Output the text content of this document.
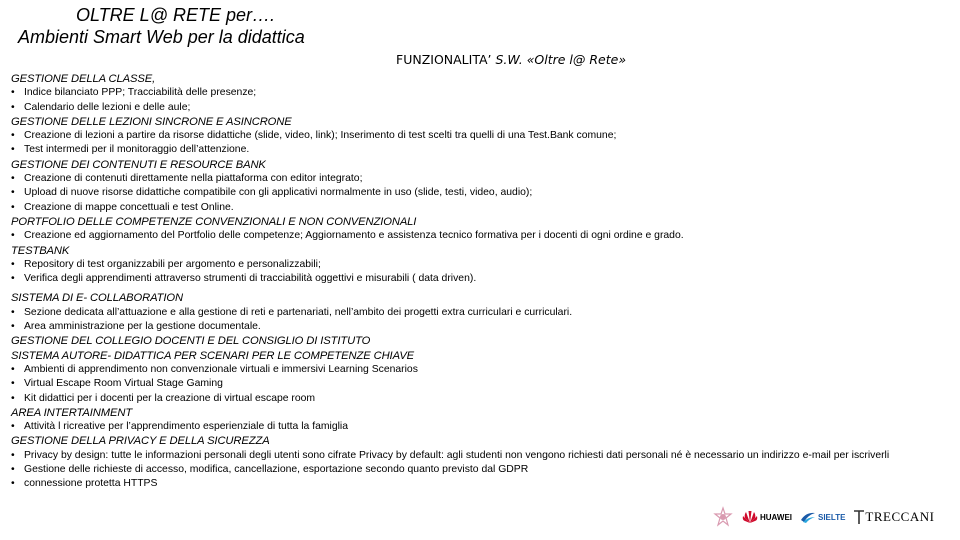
OLTRE L@ RETE per….
Ambienti Smart Web per la didattica
FUNZIONALITA’ S.W. «Oltre l@ Rete»

GESTIONE DELLA CLASSE,

• Indice bilanciato PPP; Tracciabilità delle presenze;

• Calendario delle lezioni e delle aule;

GESTIONE DELLE LEZIONI SINCRONE E ASINCRONE

• Creazione di lezioni a partire da risorse didattiche (slide, video, link); Inserimento di test scelti tra quelli di una Test.Bank comune;

• Test intermedi per il monitoraggio dell’attenzione.

GESTIONE DEI CONTENUTI E RESOURCE BANK

• Creazione di contenuti direttamente nella piattaforma con editor integrato;

• Upload di nuove risorse didattiche compatibile con gli applicativi normalmente in uso (slide, testi, video, audio);

• Creazione di mappe concettuali e test Online.

PORTFOLIO DELLE COMPETENZE CONVENZIONALI E NON CONVENZIONALI

• Creazione ed aggiornamento del Portfolio delle competenze; Aggiornamento e assistenza tecnico formativa per i docenti di ogni ordine e grado.

TESTBANK

• Repository di test organizzabili per argomento e personalizzabili;

• Verifica degli apprendimenti attraverso strumenti di tracciabilità oggettivi e misurabili ( data driven).

SISTEMA DI E- COLLABORATION

• Sezione dedicata all’attuazione e alla gestione di reti e partenariati, nell’ambito dei progetti extra curriculari e curriculari.

• Area amministrazione per la gestione documentale.

GESTIONE DEL COLLEGIO DOCENTI E DEL CONSIGLIO DI ISTITUTO

SISTEMA AUTORE- DIDATTICA PER SCENARI PER LE COMPETENZE CHIAVE

• Ambienti di apprendimento non convenzionale virtuali e immersivi Learning Scenarios

• Virtual Escape Room Virtual Stage Gaming

• Kit didattici per i docenti per la creazione di virtual escape room

AREA INTERTAINMENT

• Attività l ricreative per l’apprendimento esperienziale di tutta la famiglia

GESTIONE DELLA PRIVACY E DELLA SICUREZZA

• Privacy by design: tutte le informazioni personali degli utenti sono cifrate Privacy by default: agli studenti non vengono richiesti dati personali né è necessario un indirizzo e-mail per iscriverli

• Gestione delle richieste di accesso, modifica, cancellazione, esportazione secondo quanto previsto dal GDPR

• connessione protetta HTTPS

HUAWEI	SIELTE TRECCANI
